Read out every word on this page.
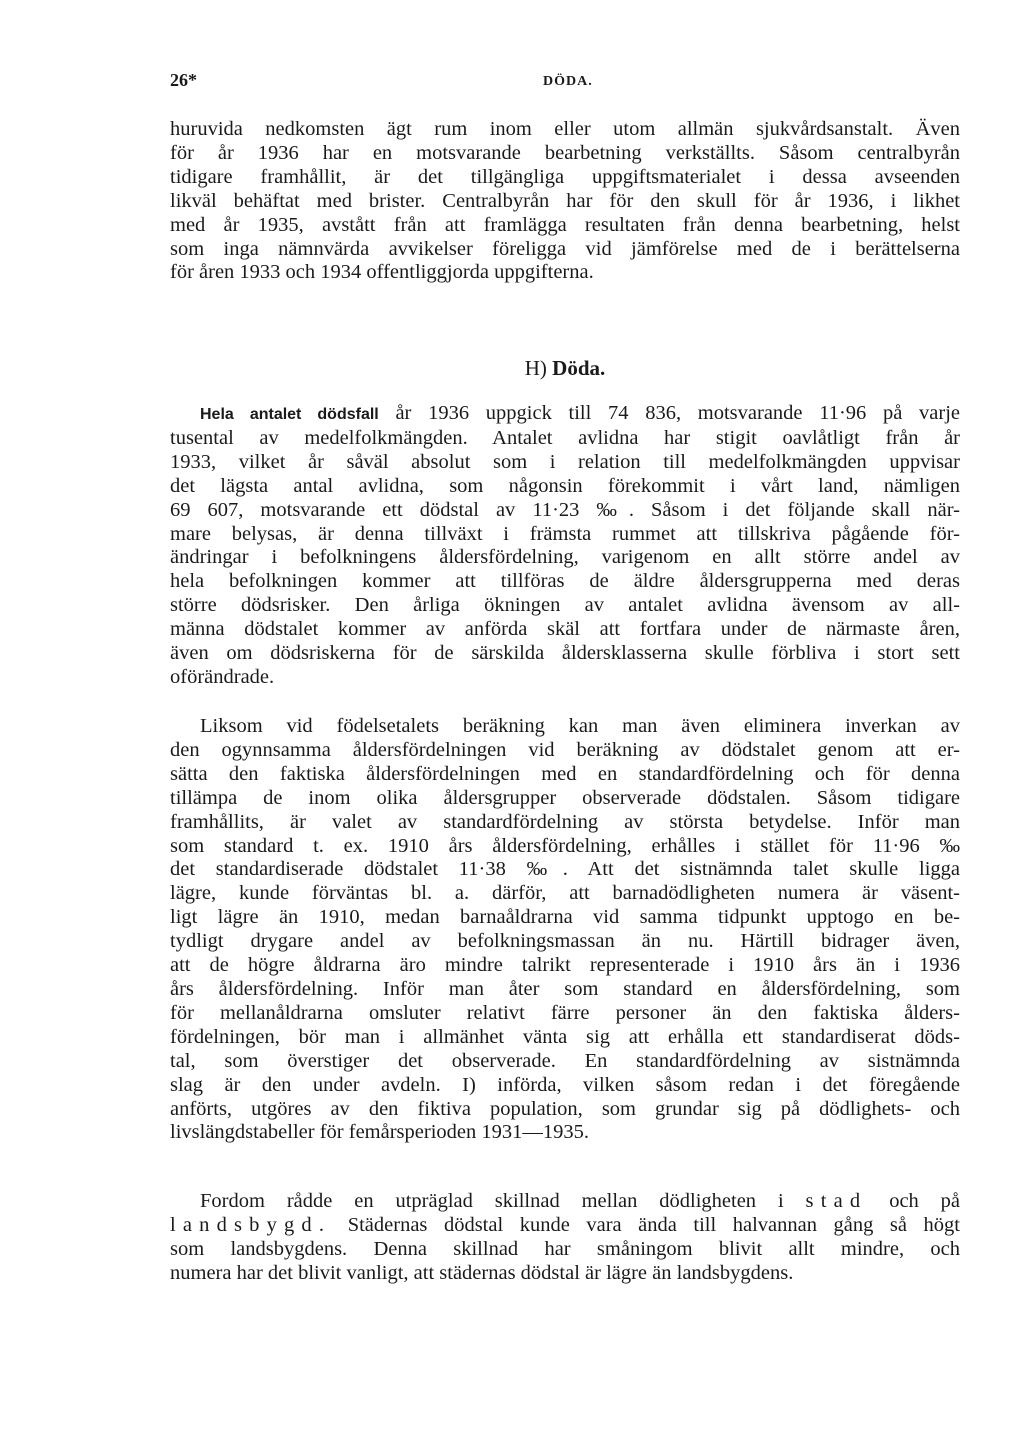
26*	DÖDA.

huruvida nedkomsten ägt rum inom eller utom allmän sjukvårdsanstalt. Även
för år 1936 har en motsvarande bearbetning verkställts. Såsom centralbyrån
tidigare framhållit, är det tillgängliga uppgiftsmaterialet i dessa avseenden
likväl behäftat med brister. Centralbyrån har för den skull för år 1936, i likhet
med år 1935, avstått från att framlägga resultaten från denna bearbetning, helst
som inga nämnvärda avvikelser föreligga vid jämförelse med de i berättelserna
för åren 1933 och 1934 offentliggjorda uppgifterna.

H) Döda.

Hela antalet dödsfall år 1936 uppgick till 74 836, motsvarande 11·96 på varje
tusental av medelfolkmängden. Antalet avlidna har stigit oavlåtligt från år
1933, vilket år såväl absolut som i relation till medelfolkmängden uppvisar
det lägsta antal avlidna, som någonsin förekommit i vårt land, nämligen
69 607, motsvarande ett dödstal av 11·23 ‰. Såsom i det följande skall när-
mare belysas, är denna tillväxt i främsta rummet att tillskriva pågående för-
ändringar i befolkningens åldersfördelning, varigenom en allt större andel av
hela befolkningen kommer att tillföras de äldre åldersgrupperna med deras
större dödsrisker. Den årliga ökningen av antalet avlidna ävensom av all-
männa dödstalet kommer av anförda skäl att fortfara under de närmaste åren,
även om dödsriskerna för de särskilda åldersklasserna skulle förbliva i stort sett
oförändrade.

Liksom vid födelsetalets beräkning kan man även eliminera inverkan av
den ogynnsamma åldersfördelningen vid beräkning av dödstalet genom att er-
sätta den faktiska åldersfördelningen med en standardfördelning och för denna
tillämpa de inom olika åldersgrupper observerade dödstalen. Såsom tidigare
framhållits, är valet av standardfördelning av största betydelse. Inför man
som standard t. ex. 1910 års åldersfördelning, erhålles i stället för 11·96 ‰
det standardiserade dödstalet 11·38 ‰. Att det sistnämnda talet skulle ligga
lägre, kunde förväntas bl. a. därför, att barnadödligheten numera är väsent-
ligt lägre än 1910, medan barnaåldrarna vid samma tidpunkt upptogo en be-
tydligt drygare andel av befolkningsmassan än nu. Härtill bidrager även,
att de högre åldrarna äro mindre talrikt representerade i 1910 års än i 1936
års åldersfördelning. Inför man åter som standard en åldersfördelning, som
för mellanåldrarna omsluter relativt färre personer än den faktiska ålders-
fördelningen, bör man i allmänhet vänta sig att erhålla ett standardiserat döds-
tal, som överstiger det observerade. En standardfördelning av sistnämnda
slag är den under avdeln. I) införda, vilken såsom redan i det föregående
anförts, utgöres av den fiktiva population, som grundar sig på dödlighets- och
livslängdstabeller för femårsperioden 1931—1935.

Fordom rådde en utpräglad skillnad mellan dödligheten i stad och på
landsbygd. Städernas dödstal kunde vara ända till halvannan gång så högt
som landsbygdens. Denna skillnad har småningom blivit allt mindre, och
numera har det blivit vanligt, att städernas dödstal är lägre än landsbygdens.
